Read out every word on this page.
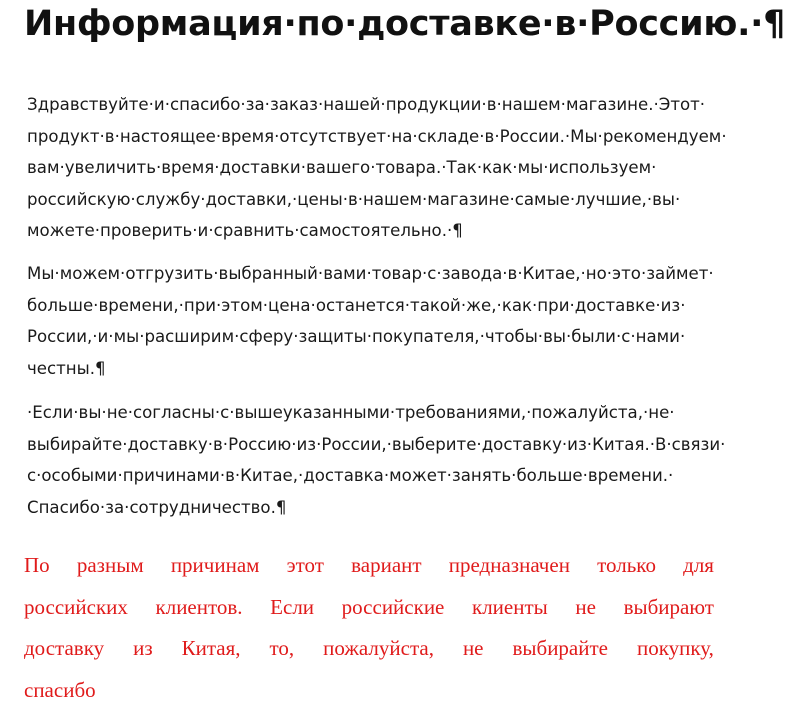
Информация·по·доставке·в·Россию.·¶

Здравствуйте·и·спасибо·за·заказ·нашей·продукции·в·нашем·магазине.·Этот·
продукт·в·настоящее·время·отсутствует·на·складе·в·России.·Мы·рекомендуем·
вам·увеличить·время·доставки·вашего·товара.·Так·как·мы·используем·
российскую·службу·доставки,·цены·в·нашем·магазине·самые·лучшие,·вы·
можете·проверить·и·сравнить·самостоятельно.·¶

Мы·можем·отгрузить·выбранный·вами·товар·с·завода·в·Китае,·но·это·займет·
больше·времени,·при·этом·цена·останется·такой·же,·как·при·доставке·из·
России,·и·мы·расширим·сферу·защиты·покупателя,·чтобы·вы·были·с·нами·
честны.¶

·Если·вы·не·согласны·с·вышеуказанными·требованиями,·пожалуйста,·не·
выбирайте·доставку·в·Россию·из·России,·выберите·доставку·из·Китая.·В·связи·
с·особыми·причинами·в·Китае,·доставка·может·занять·больше·времени.·
Спасибо·за·сотрудничество.¶

По разным причинам этот вариант предназначен только для
российских клиентов. Если российские клиенты не выбирают
доставку из Китая, то, пожалуйста, не выбирайте покупку,
спасибо
